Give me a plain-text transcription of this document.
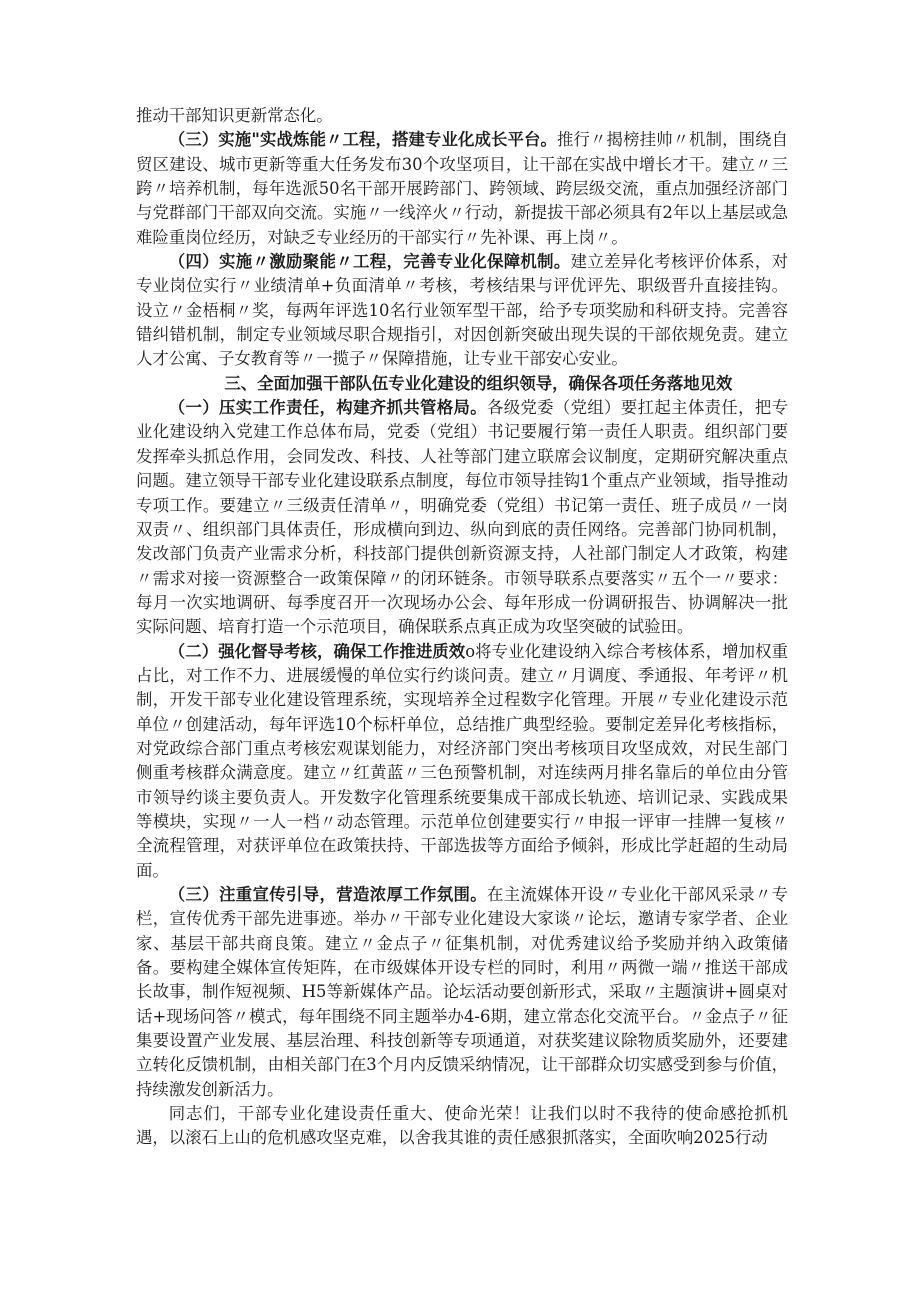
推动干部知识更新常态化。

（三）实施"实战炼能〃工程，搭建专业化成长平台。推行〃揭榜挂帅〃机制，围绕自贸区建设、城市更新等重大任务发布30个攻坚项目，让干部在实战中增长才干。建立〃三跨〃培养机制，每年选派50名干部开展跨部门、跨领域、跨层级交流，重点加强经济部门与党群部门干部双向交流。实施〃一线淬火〃行动，新提拔干部必须具有2年以上基层或急难险重岗位经历，对缺乏专业经历的干部实行〃先补课、再上岗〃。

（四）实施〃激励聚能〃工程，完善专业化保障机制。建立差异化考核评价体系，对专业岗位实行〃业绩清单+负面清单〃考核，考核结果与评优评先、职级晋升直接挂钩。设立〃金梧桐〃奖，每两年评选10名行业领军型干部，给予专项奖励和科研支持。完善容错纠错机制，制定专业领域尽职合规指引，对因创新突破出现失误的干部依规免责。建立人才公寓、子女教育等〃一揽子〃保障措施，让专业干部安心安业。

三、全面加强干部队伍专业化建设的组织领导，确保各项任务落地见效

（一）压实工作责任，构建齐抓共管格局。各级党委（党组）要扛起主体责任，把专业化建设纳入党建工作总体布局，党委（党组）书记要履行第一责任人职责。组织部门要发挥牵头抓总作用，会同发改、科技、人社等部门建立联席会议制度，定期研究解决重点问题。建立领导干部专业化建设联系点制度，每位市领导挂钩1个重点产业领域，指导推动专项工作。要建立〃三级责任清单〃，明确党委（党组）书记第一责任、班子成员〃一岗双责〃、组织部门具体责任，形成横向到边、纵向到底的责任网络。完善部门协同机制，发改部门负责产业需求分析，科技部门提供创新资源支持，人社部门制定人才政策，构建〃需求对接一资源整合一政策保障〃的闭环链条。市领导联系点要落实〃五个一〃要求：每月一次实地调研、每季度召开一次现场办公会、每年形成一份调研报告、协调解决一批实际问题、培育打造一个示范项目，确保联系点真正成为攻坚突破的试验田。

（二）强化督导考核，确保工作推进质效o将专业化建设纳入综合考核体系，增加权重占比，对工作不力、进展缓慢的单位实行约谈问责。建立〃月调度、季通报、年考评〃机制，开发干部专业化建设管理系统，实现培养全过程数字化管理。开展〃专业化建设示范单位〃创建活动，每年评选10个标杆单位，总结推广典型经验。要制定差异化考核指标，对党政综合部门重点考核宏观谋划能力，对经济部门突出考核项目攻坚成效，对民生部门侧重考核群众满意度。建立〃红黄蓝〃三色预警机制，对连续两月排名靠后的单位由分管市领导约谈主要负责人。开发数字化管理系统要集成干部成长轨迹、培训记录、实践成果等模块，实现〃一人一档〃动态管理。示范单位创建要实行〃申报一评审一挂牌一复核〃全流程管理，对获评单位在政策扶持、干部选拔等方面给予倾斜，形成比学赶超的生动局面。

（三）注重宣传引导，营造浓厚工作氛围。在主流媒体开设〃专业化干部风采录〃专栏，宣传优秀干部先进事迹。举办〃干部专业化建设大家谈〃论坛，邀请专家学者、企业家、基层干部共商良策。建立〃金点子〃征集机制，对优秀建议给予奖励并纳入政策储备。要构建全媒体宣传矩阵，在市级媒体开设专栏的同时，利用〃两微一端〃推送干部成长故事，制作短视频、H5等新媒体产品。论坛活动要创新形式，采取〃主题演讲+圆桌对话+现场问答〃模式，每年围绕不同主题举办4-6期，建立常态化交流平台。〃金点子〃征集要设置产业发展、基层治理、科技创新等专项通道，对获奖建议除物质奖励外，还要建立转化反馈机制，由相关部门在3个月内反馈采纳情况，让干部群众切实感受到参与价值，持续激发创新活力。

同志们，干部专业化建设责任重大、使命光荣！让我们以时不我待的使命感抢抓机遇，以滚石上山的危机感攻坚克难，以舍我其谁的责任感狠抓落实，全面吹响2025行动
